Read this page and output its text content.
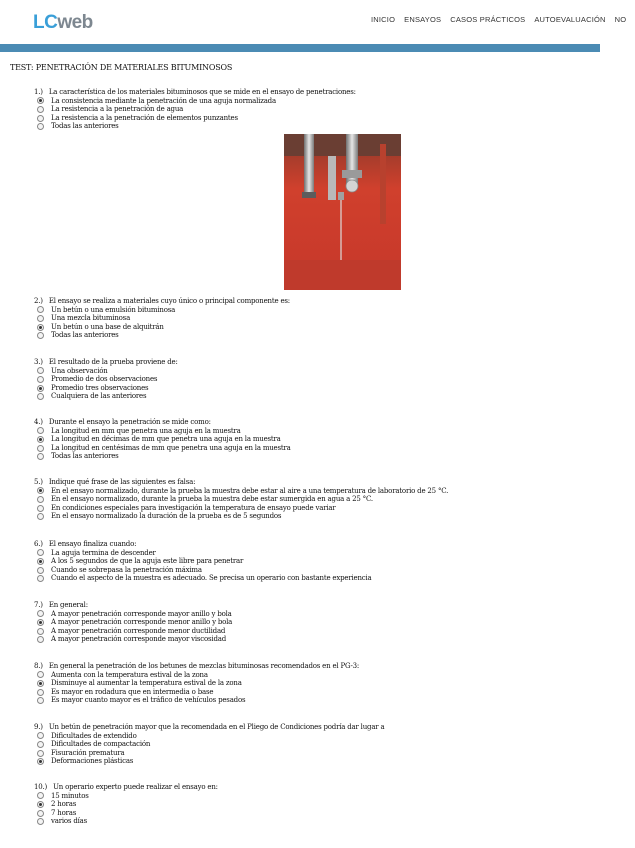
LCweb	INICIO ENSAYOS CASOS PRÁCTICOS AUTOEVALUACIÓN NO
TEST: PENETRACIÓN DE MATERIALES BITUMINOSOS
1.) La característica de los materiales bituminosos que se mide en el ensayo de penetraciones:
La consistencia mediante la penetración de una aguja normalizada
La resistencia a la penetración de agua
La resistencia a la penetración de elementos punzantes
Todas las anteriores
2.) El ensayo se realiza a materiales cuyo único o principal componente es:
Un betún o una emulsión bituminosa
Una mezcla bituminosa
Un betún o una base de alquitrán
Todas las anteriores
3.) El resultado de la prueba proviene de:
Una observación
Promedio de dos observaciones
Promedio tres observaciones
Cualquiera de las anteriores
4.) Durante el ensayo la penetración se mide como:
La longitud en mm que penetra una aguja en la muestra
La longitud en décimas de mm que penetra una aguja en la muestra
La longitud en centésimas de mm que penetra una aguja en la muestra
Todas las anteriores
5.) Indique qué frase de las siguientes es falsa:
En el ensayo normalizado, durante la prueba la muestra debe estar al aire a una temperatura de laboratorio de 25 °C.
En el ensayo normalizado, durante la prueba la muestra debe estar sumergida en agua a 25 °C.
En condiciones especiales para investigación la temperatura de ensayo puede variar
En el ensayo normalizado la duración de la prueba es de 5 segundos
6.) El ensayo finaliza cuando:
La aguja termina de descender
A los 5 segundos de que la aguja este libre para penetrar
Cuando se sobrepasa la penetración máxima
Cuando el aspecto de la muestra es adecuado. Se precisa un operario con bastante experiencia
7.) En general:
A mayor penetración corresponde mayor anillo y bola
A mayor penetración corresponde menor anillo y bola
A mayor penetración corresponde menor ductilidad
A mayor penetración corresponde mayor viscosidad
8.) En general la penetración de los betunes de mezclas bituminosas recomendados en el PG-3:
Aumenta con la temperatura estival de la zona
Disminuye al aumentar la temperatura estival de la zona
Es mayor en rodadura que en intermedia o base
Es mayor cuanto mayor es el tráfico de vehículos pesados
9.) Un betún de penetración mayor que la recomendada en el Pliego de Condiciones podría dar lugar a
Dificultades de extendido
Dificultades de compactación
Fisuración prematura
Deformaciones plásticas
10.) Un operario experto puede realizar el ensayo en:
15 minutos
2 horas
7 horas
varios días
